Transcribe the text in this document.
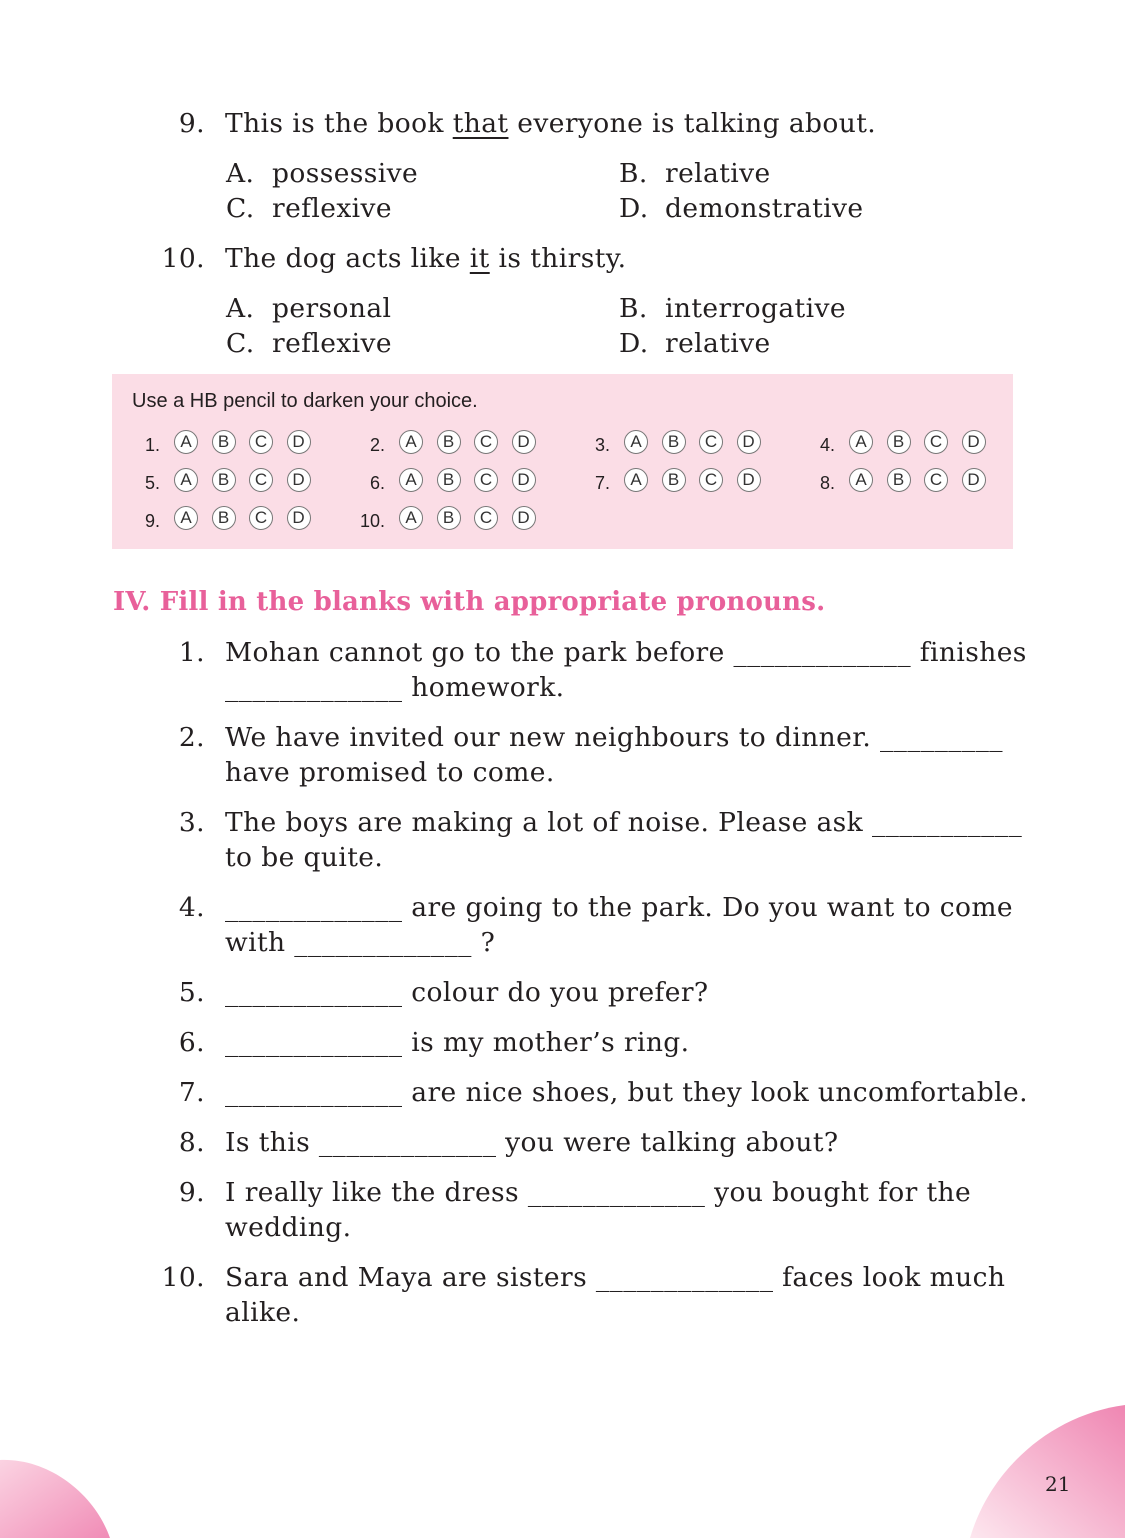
9. This is the book that everyone is talking about.
A. possessive	B. relative
C. reflexive	D. demonstrative
10. The dog acts like it is thirsty.
A. personal	B. interrogative
C. reflexive	D. relative
Use a HB pencil to darken your choice.
1.	A	B	C	D	2.	A	B	C	D	3.	A	B	C	D	4.	A	B	C	D
5.	A	B	C	D	6.	A	B	C	D	7.	A	B	C	D	8.	A	B	C	D
9.	A	B	C	D	10.	A	B	C	D
IV. Fill in the blanks with appropriate pronouns.
1. Mohan cannot go to the park before _____________ finishes
_____________ homework.
2. We have invited our new neighbours to dinner. _________
have promised to come.
3. The boys are making a lot of noise. Please ask ___________
to be quite.
4. _____________ are going to the park. Do you want to come
with _____________ ?
5. _____________ colour do you prefer?
6. _____________ is my mother’s ring.
7. _____________ are nice shoes, but they look uncomfortable.
8. Is this _____________ you were talking about?
9. I really like the dress _____________ you bought for the
wedding.
10. Sara and Maya are sisters _____________ faces look much
alike.
21
